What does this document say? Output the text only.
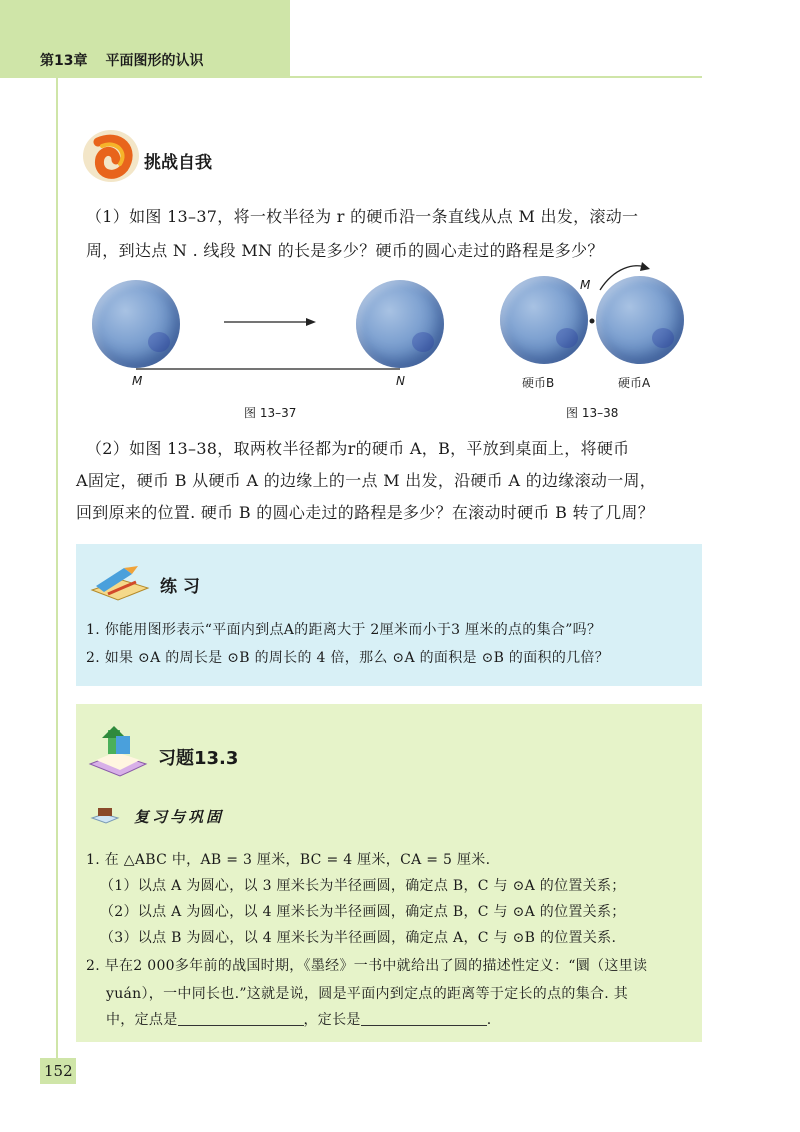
第13章 平面图形的认识
挑战自我
（1）如图 13–37，将一枚半径为 r 的硬币沿一条直线从点 M 出发，滚动一
周，到达点 N . 线段 MN 的长是多少？硬币的圆心走过的路程是多少？
M	N
图 13–37
M
硬币B	硬币A
图 13–38
（2）如图 13–38，取两枚半径都为r的硬币 A，B，平放到桌面上，将硬币
A固定，硬币 B 从硬币 A 的边缘上的一点 M 出发，沿硬币 A 的边缘滚动一周，
回到原来的位置. 硬币 B 的圆心走过的路程是多少？在滚动时硬币 B 转了几周？
练 习
1. 你能用图形表示“平面内到点A的距离大于 2厘米而小于3 厘米的点的集合”吗？
2. 如果 ⊙A 的周长是 ⊙B 的周长的 4 倍，那么 ⊙A 的面积是 ⊙B 的面积的几倍？
习题13.3
复习与巩固
1. 在 △ABC 中，AB = 3 厘米，BC = 4 厘米，CA = 5 厘米.
（1）以点 A 为圆心，以 3 厘米长为半径画圆，确定点 B，C 与 ⊙A 的位置关系；
（2）以点 A 为圆心，以 4 厘米长为半径画圆，确定点 B，C 与 ⊙A 的位置关系；
（3）以点 B 为圆心，以 4 厘米长为半径画圆，确定点 A，C 与 ⊙B 的位置关系.
2. 早在2 000多年前的战国时期，《墨经》一书中就给出了圆的描述性定义：“圜（这里读
yuán），一中同长也.”这就是说，圆是平面内到定点的距离等于定长的点的集合. 其
中，定点是	，定长是	.
152
